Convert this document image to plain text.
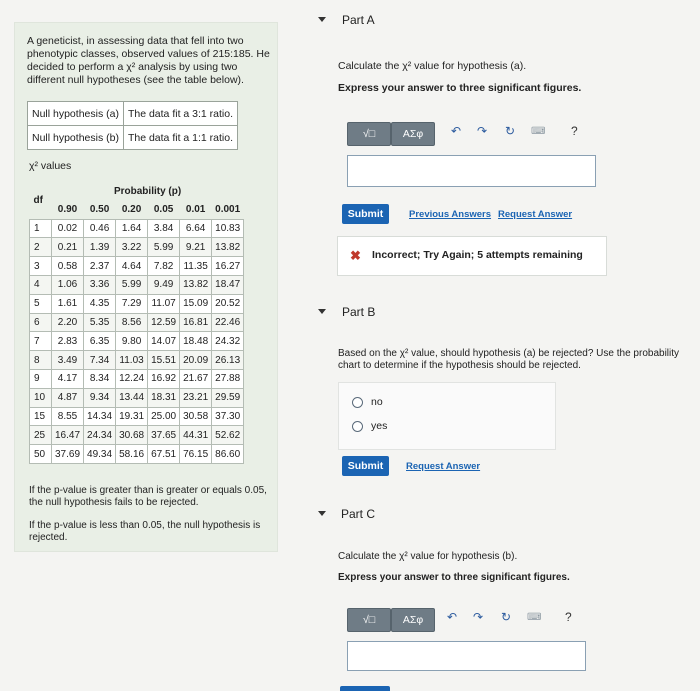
A geneticist, in assessing data that fell into two phenotypic classes, observed values of 215:185. He decided to perform a χ² analysis by using two different null hypotheses (see the table below).
Null hypothesis (a)	The data fit a 3:1 ratio.
Null hypothesis (b)	The data fit a 1:1 ratio.
χ² values
df	Probability (p)					
	0.90	0.50	0.20	0.05	0.01	0.001
1	0.02	0.46	1.64	3.84	6.64	10.83
2	0.21	1.39	3.22	5.99	9.21	13.82
3	0.58	2.37	4.64	7.82	11.35	16.27
4	1.06	3.36	5.99	9.49	13.82	18.47
5	1.61	4.35	7.29	11.07	15.09	20.52
6	2.20	5.35	8.56	12.59	16.81	22.46
7	2.83	6.35	9.80	14.07	18.48	24.32
8	3.49	7.34	11.03	15.51	20.09	26.13
9	4.17	8.34	12.24	16.92	21.67	27.88
10	4.87	9.34	13.44	18.31	23.21	29.59
15	8.55	14.34	19.31	25.00	30.58	37.30
25	16.47	24.34	30.68	37.65	44.31	52.62
50	37.69	49.34	58.16	67.51	76.15	86.60
If the p-value is greater than is greater or equals 0.05, the null hypothesis fails to be rejected.
If the p-value is less than 0.05, the null hypothesis is rejected.
Part A
Calculate the χ² value for hypothesis (a).
Express your answer to three significant figures.
√□	ΑΣφ	↶ ↷ ↻ ⌨ ?
Submit	Previous Answers Request Answer
✖ Incorrect; Try Again; 5 attempts remaining
Part B
Based on the χ² value, should hypothesis (a) be rejected? Use the probability chart to determine if the hypothesis should be rejected.
no
yes
Submit	Request Answer
Part C
Calculate the χ² value for hypothesis (b).
Express your answer to three significant figures.
√□	ΑΣφ	↶ ↷ ↻ ⌨ ?
